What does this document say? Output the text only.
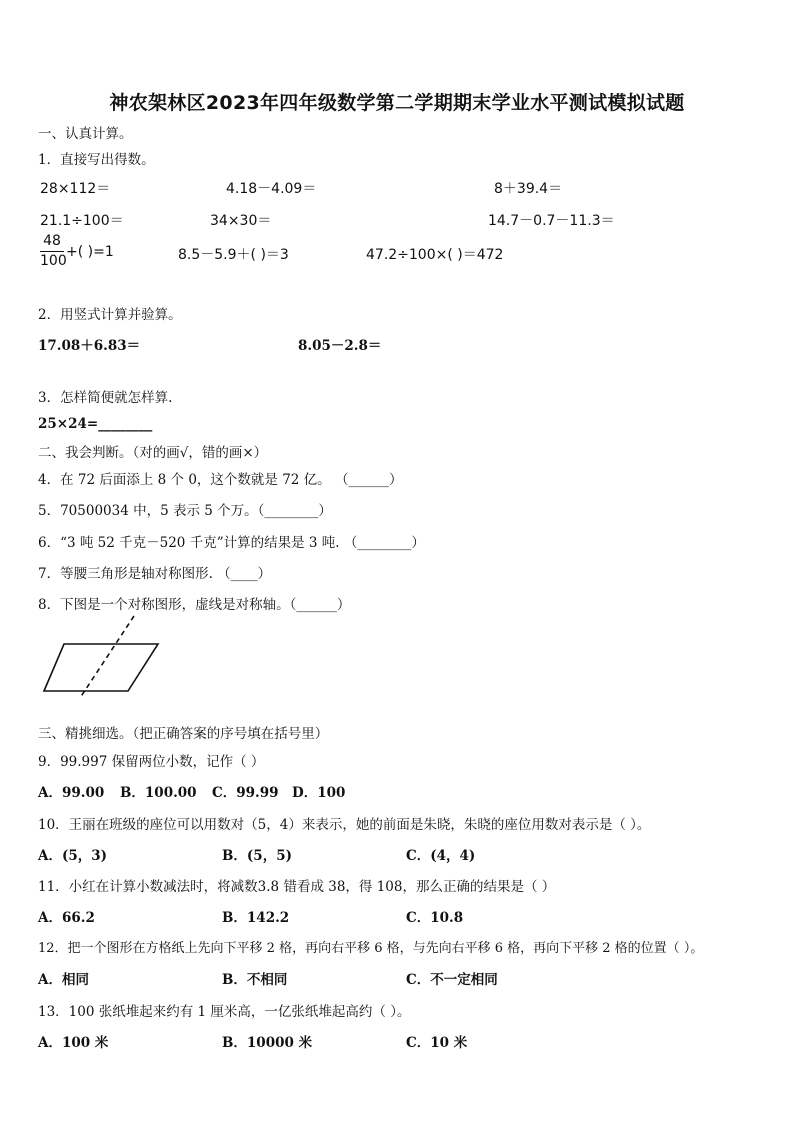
神农架林区2023年四年级数学第二学期期末学业水平测试模拟试题
一、认真计算。
1．直接写出得数。
28×112＝	4.18－4.09＝	8＋39.4＝
21.1÷100＝	34×30＝	14.7－0.7－11.3＝
48
100
+( )=1	8.5－5.9＋( )＝3	47.2÷100×( )＝472
2．用竖式计算并验算。
17.08＋6.83＝	8.05－2.8＝
3．怎样简便就怎样算.
25×24=________
二、我会判断。（对的画√，错的画×）
4．在 72 后面添上 8 个 0，这个数就是 72 亿。 （______）
5．70500034 中，5 表示 5 个万。（________）
6．“3 吨 52 千克－520 千克”计算的结果是 3 吨. （________）
7．等腰三角形是轴对称图形. （____）
8．下图是一个对称图形，虚线是对称轴。（______）
三、精挑细选。（把正确答案的序号填在括号里）
9．99.997 保留两位小数，记作（ ）
A．99.00 B．100.00 C．99.99 D．100
10．王丽在班级的座位可以用数对（5，4）来表示，她的前面是朱晓，朱晓的座位用数对表示是（ ）。
A．(5，3)	B．(5，5)	C．(4，4)
11．小红在计算小数减法时，将减数3.8 错看成 38，得 108，那么正确的结果是（ ）
A．66.2	B．142.2	C．10.8
12．把一个图形在方格纸上先向下平移 2 格，再向右平移 6 格，与先向右平移 6 格，再向下平移 2 格的位置（ ）。
A．相同	B．不相同	C．不一定相同
13．100 张纸堆起来约有 1 厘米高，一亿张纸堆起高约（ ）。
A．100 米	B．10000 米	C．10 米
